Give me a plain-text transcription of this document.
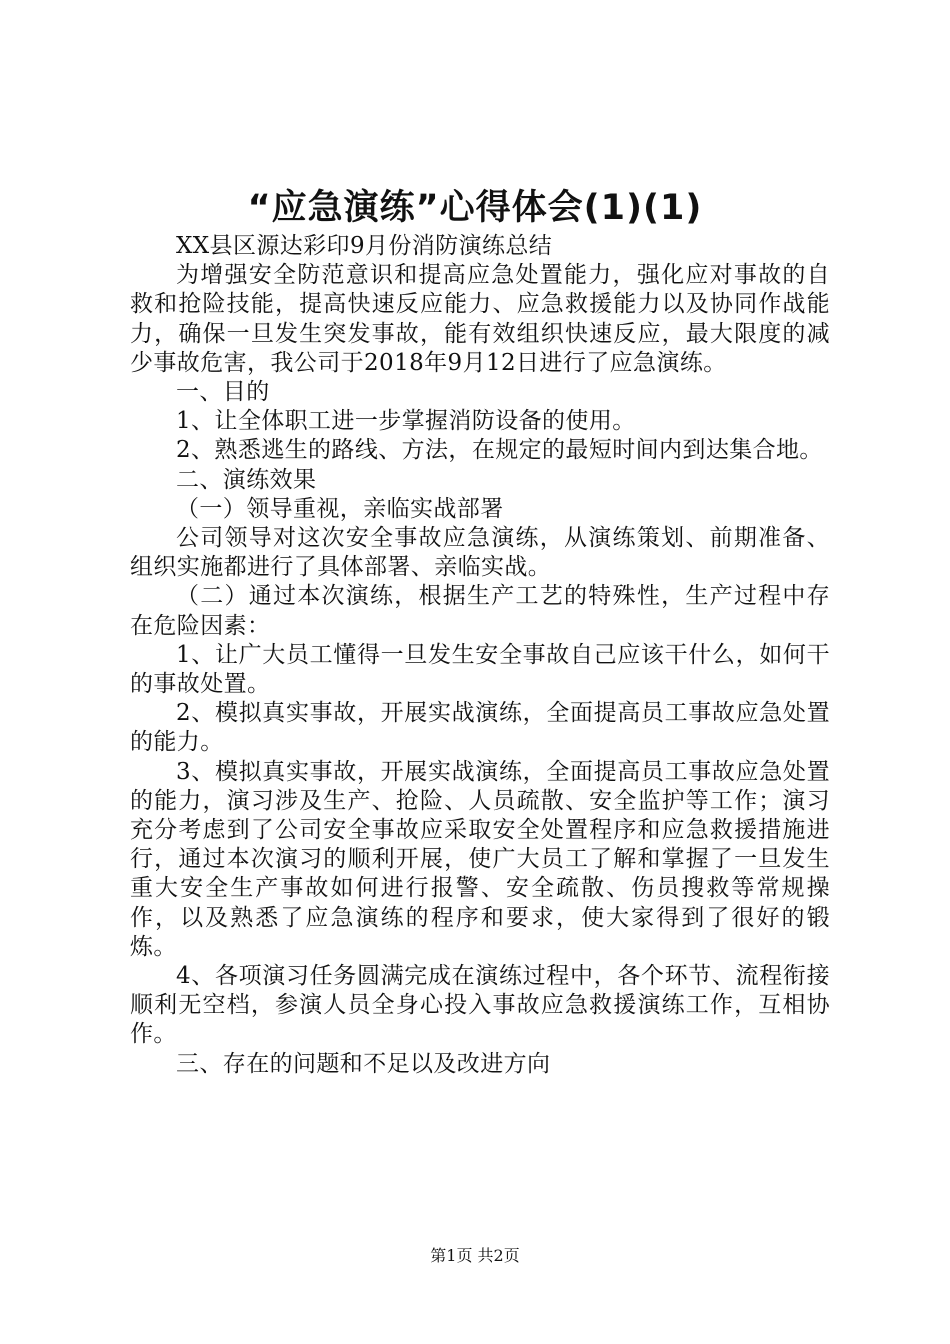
“应急演练”心得体会(1)(1)

XX县区源达彩印9月份消防演练总结

为增强安全防范意识和提高应急处置能力，强化应对事故的自救和抢险技能，提高快速反应能力、应急救援能力以及协同作战能力，确保一旦发生突发事故，能有效组织快速反应，最大限度的减少事故危害，我公司于2018年9月12日进行了应急演练。

一、目的

1、让全体职工进一步掌握消防设备的使用。

2、熟悉逃生的路线、方法，在规定的最短时间内到达集合地。

二、演练效果

（一）领导重视，亲临实战部署

公司领导对这次安全事故应急演练，从演练策划、前期准备、组织实施都进行了具体部署、亲临实战。

（二）通过本次演练，根据生产工艺的特殊性，生产过程中存在危险因素：

1、让广大员工懂得一旦发生安全事故自己应该干什么，如何干的事故处置。

2、模拟真实事故，开展实战演练，全面提高员工事故应急处置的能力。

3、模拟真实事故，开展实战演练，全面提高员工事故应急处置的能力，演习涉及生产、抢险、人员疏散、安全监护等工作；演习充分考虑到了公司安全事故应采取安全处置程序和应急救援措施进行，通过本次演习的顺利开展，使广大员工了解和掌握了一旦发生重大安全生产事故如何进行报警、安全疏散、伤员搜救等常规操作，以及熟悉了应急演练的程序和要求，使大家得到了很好的锻炼。

4、各项演习任务圆满完成在演练过程中，各个环节、流程衔接顺利无空档，参演人员全身心投入事故应急救援演练工作，互相协作。

三、存在的问题和不足以及改进方向

第1页 共2页
